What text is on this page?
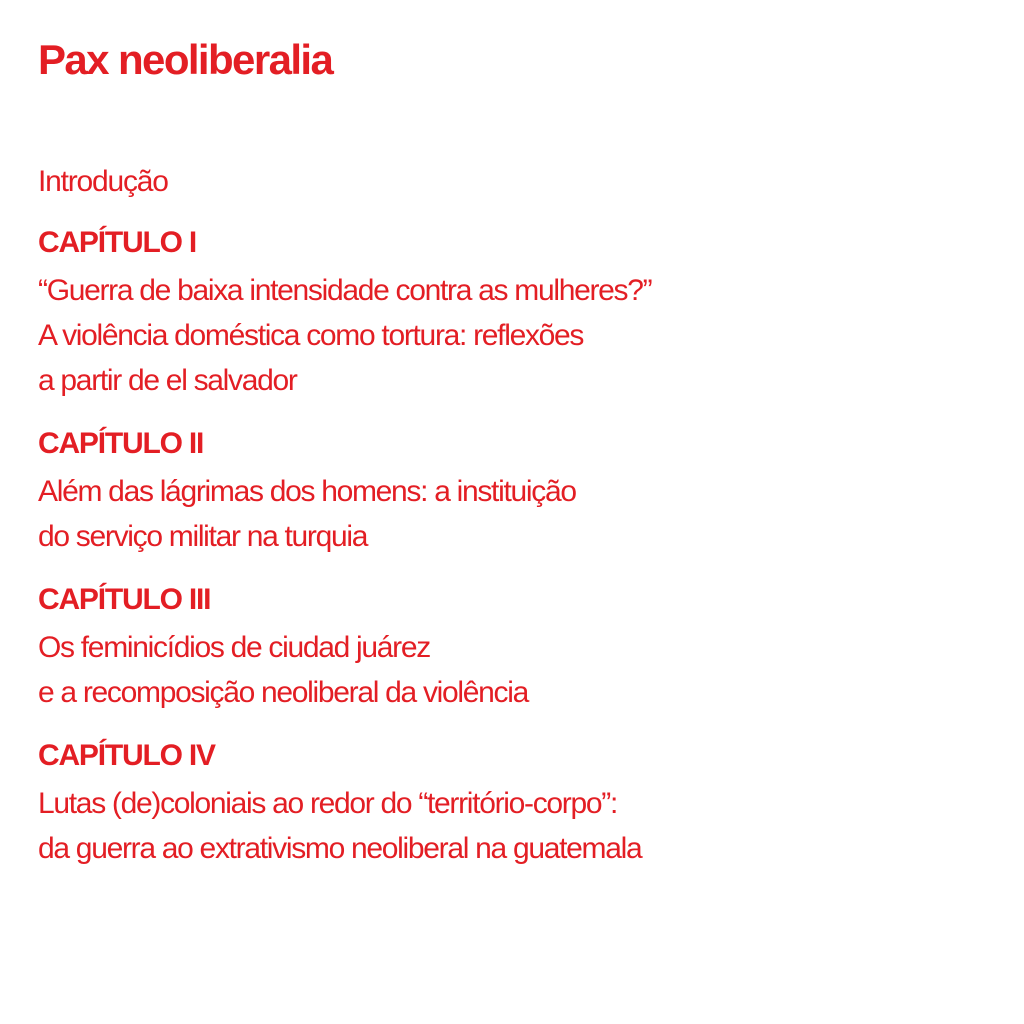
Pax neoliberalia
Introdução
CAPÍTULO I
“Guerra de baixa intensidade contra as mulheres?”
A violência doméstica como tortura: reflexões
a partir de el salvador
CAPÍTULO II
Além das lágrimas dos homens: a instituição
do serviço militar na turquia
CAPÍTULO III
Os feminicídios de ciudad juárez
e a recomposição neoliberal da violência
CAPÍTULO IV
Lutas (de)coloniais ao redor do “território-corpo”:
da guerra ao extrativismo neoliberal na guatemala
